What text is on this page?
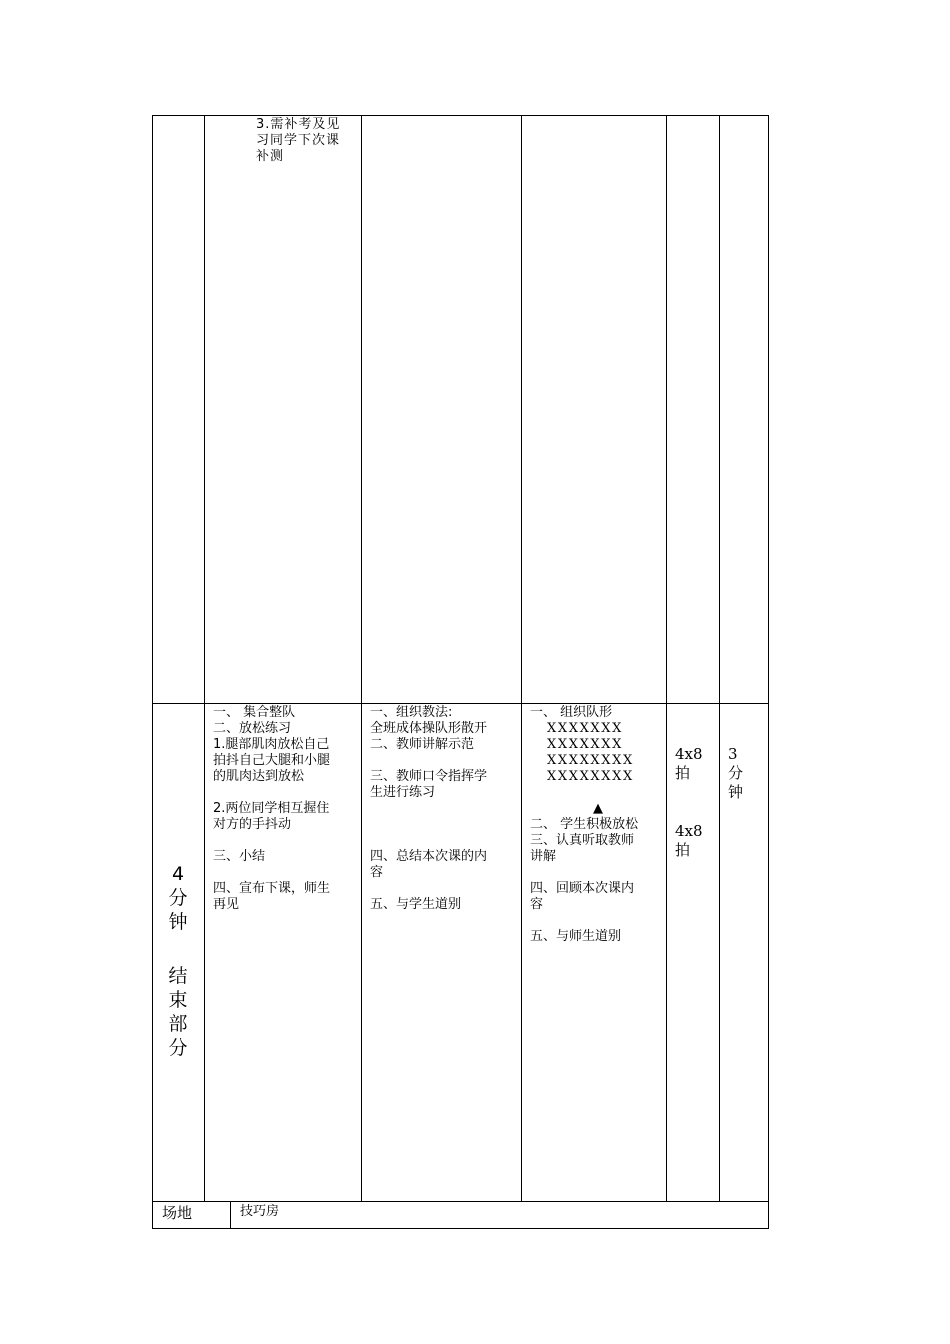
3.需补考及见
习同学下次课
补测
4
分
钟
结
束
部
分
一、 集合整队
二、放松练习
1.腿部肌肉放松自己
拍抖自己大腿和小腿
的肌肉达到放松
2.两位同学相互握住
对方的手抖动
三、小结
四、宣布下课，师生
再见
一、组织教法:
全班成体操队形散开
二、教师讲解示范
三、教师口令指挥学
生进行练习
四、总结本次课的内
容
五、与学生道别
一、 组织队形
XXXXXXX
XXXXXXX
XXXXXXXX
XXXXXXXX
▲
二、 学生积极放松
三、认真听取教师
讲解
四、回顾本次课内
容
五、与师生道别
4x8
拍
4x8
拍
3
分
钟
场地	技巧房
